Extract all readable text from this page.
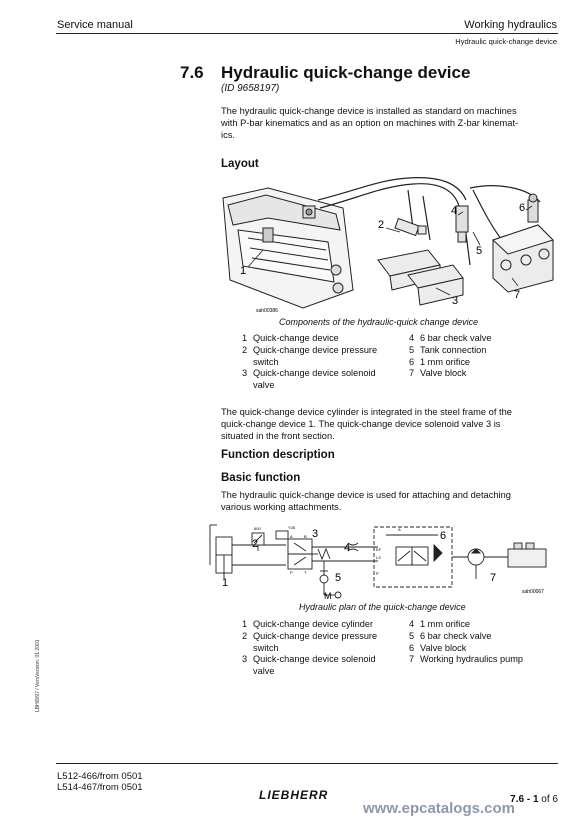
Service manual	Working hydraulics
Hydraulic quick-change device
7.6 Hydraulic quick-change device
(ID 9658197)
The hydraulic quick-change device is installed as standard on machines
with P-bar kinematics and as an option on machines with Z-bar kinemat-
ics.
Layout
1
2
3
4
5
6
7
sah00386
Components of the hydraulic-quick change device
1 Quick-change device
2 Quick-change device pressure
switch
3 Quick-change device solenoid
valve
4 6 bar check valve
5 Tank connection
6 1 mm orifice
7 Valve block
The quick-change device cylinder is integrated in the steel frame of the
quick-change device 1. The quick-change device solenoid valve 3 is
situated in the front section.
Function description
Basic function
The hydraulic quick-change device is used for attaching and detaching
various working attachments.
1
2
3
4
5
6
7
M
600	Y35
A	B
P	T
A
LS
EF
P
sah00067
Hydraulic plan of the quick-change device
1 Quick-change device cylinder
2 Quick-change device pressure
switch
3 Quick-change device solenoid
valve
4 1 mm orifice
5 6 bar check valve
6 Valve block
7 Working hydraulics pump
LBH/8/97 / VersVersion: 01 2001
L512-466/from 0501
L514-467/from 0501
LIEBHERR
www.epcatalogs.com
7.6 - 1 of 6
